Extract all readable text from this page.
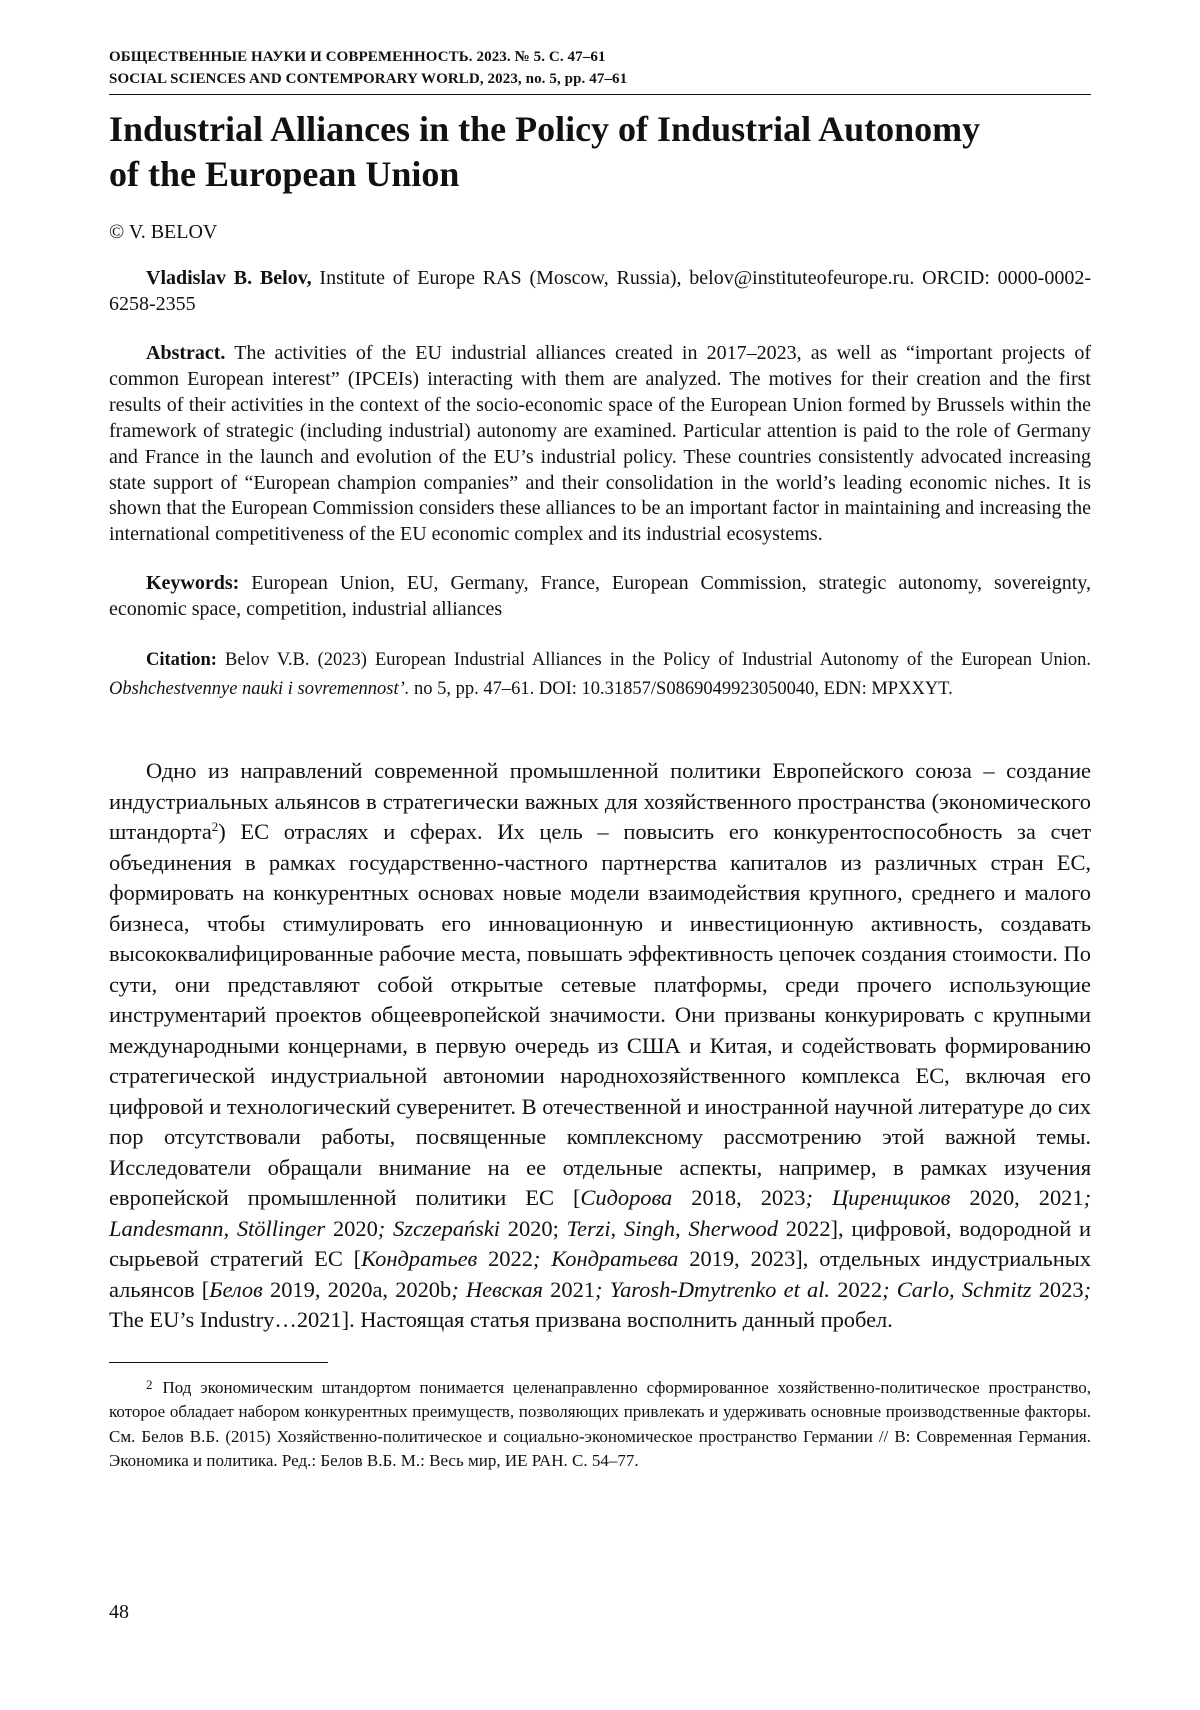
ОБЩЕСТВЕННЫЕ НАУКИ И СОВРЕМЕННОСТЬ. 2023. № 5. С. 47–61
SOCIAL SCIENCES AND CONTEMPORARY WORLD, 2023, no. 5, pp. 47–61
Industrial Alliances in the Policy of Industrial Autonomy of the European Union
© V. BELOV
Vladislav B. Belov, Institute of Europe RAS (Moscow, Russia), belov@instituteofeurope.ru. ORCID: 0000-0002-6258-2355
Abstract. The activities of the EU industrial alliances created in 2017–2023, as well as “important projects of common European interest” (IPCEIs) interacting with them are analyzed. The motives for their creation and the first results of their activities in the context of the socio-economic space of the European Union formed by Brussels within the framework of strategic (including industrial) autonomy are examined. Particular attention is paid to the role of Germany and France in the launch and evolution of the EU’s industrial policy. These countries consistently advocated increasing state support of “European champion companies” and their consolidation in the world’s leading economic niches. It is shown that the European Commission considers these alliances to be an important factor in maintaining and increasing the international competitiveness of the EU economic complex and its industrial ecosystems.
Keywords: European Union, EU, Germany, France, European Commission, strategic autonomy, sovereignty, economic space, competition, industrial alliances
Citation: Belov V.B. (2023) European Industrial Alliances in the Policy of Industrial Autonomy of the European Union. Obshchestvennye nauki i sovremennost’. no 5, pp. 47–61. DOI: 10.31857/S0869049923050040, EDN: MPXXYT.
Одно из направлений современной промышленной политики Европейского союза – создание индустриальных альянсов в стратегически важных для хозяйственного пространства (экономического штандорта$^2$) ЕС отраслях и сферах. Их цель – повысить его конкурентоспособность за счет объединения в рамках государственно-частного партнерства капиталов из различных стран ЕС, формировать на конкурентных основах новые модели взаимодействия крупного, среднего и малого бизнеса, чтобы стимулировать его инновационную и инвестиционную активность, создавать высококвалифицированные рабочие места, повышать эффективность цепочек создания стоимости. По сути, они представляют собой открытые сетевые платформы, среди прочего использующие инструментарий проектов общеевропейской значимости. Они призваны конкурировать с крупными международными концернами, в первую очередь из США и Китая, и содействовать формированию стратегической индустриальной автономии народнохозяйственного комплекса ЕС, включая его цифровой и технологический суверенитет. В отечественной и иностранной научной литературе до сих пор отсутствовали работы, посвященные комплексному рассмотрению этой важной темы. Исследователи обращали внимание на ее отдельные аспекты, например, в рамках изучения европейской промышленной политики ЕС [Сидорова 2018, 2023; Циренщиков 2020, 2021; Landesmann, Stöllinger 2020; Szczepański 2020; Terzi, Singh, Sherwood 2022], цифровой, водородной и сырьевой стратегий ЕС [Кондратьев 2022; Кондратьева 2019, 2023], отдельных индустриальных альянсов [Белов 2019, 2020a, 2020b; Невская 2021; Yarosh-Dmytrenko et al. 2022; Carlo, Schmitz 2023; The EU’s Industry…2021]. Настоящая статья призвана восполнить данный пробел.
$^2$ Под экономическим штандортом понимается целенаправленно сформированное хозяйственно-политическое пространство, которое обладает набором конкурентных преимуществ, позволяющих привлекать и удерживать основные производственные факторы. См. Белов В.Б. (2015) Хозяйственно-политическое и социально-экономическое пространство Германии // В: Современная Германия. Экономика и политика. Ред.: Белов В.Б. М.: Весь мир, ИЕ РАН. С. 54–77.
48
